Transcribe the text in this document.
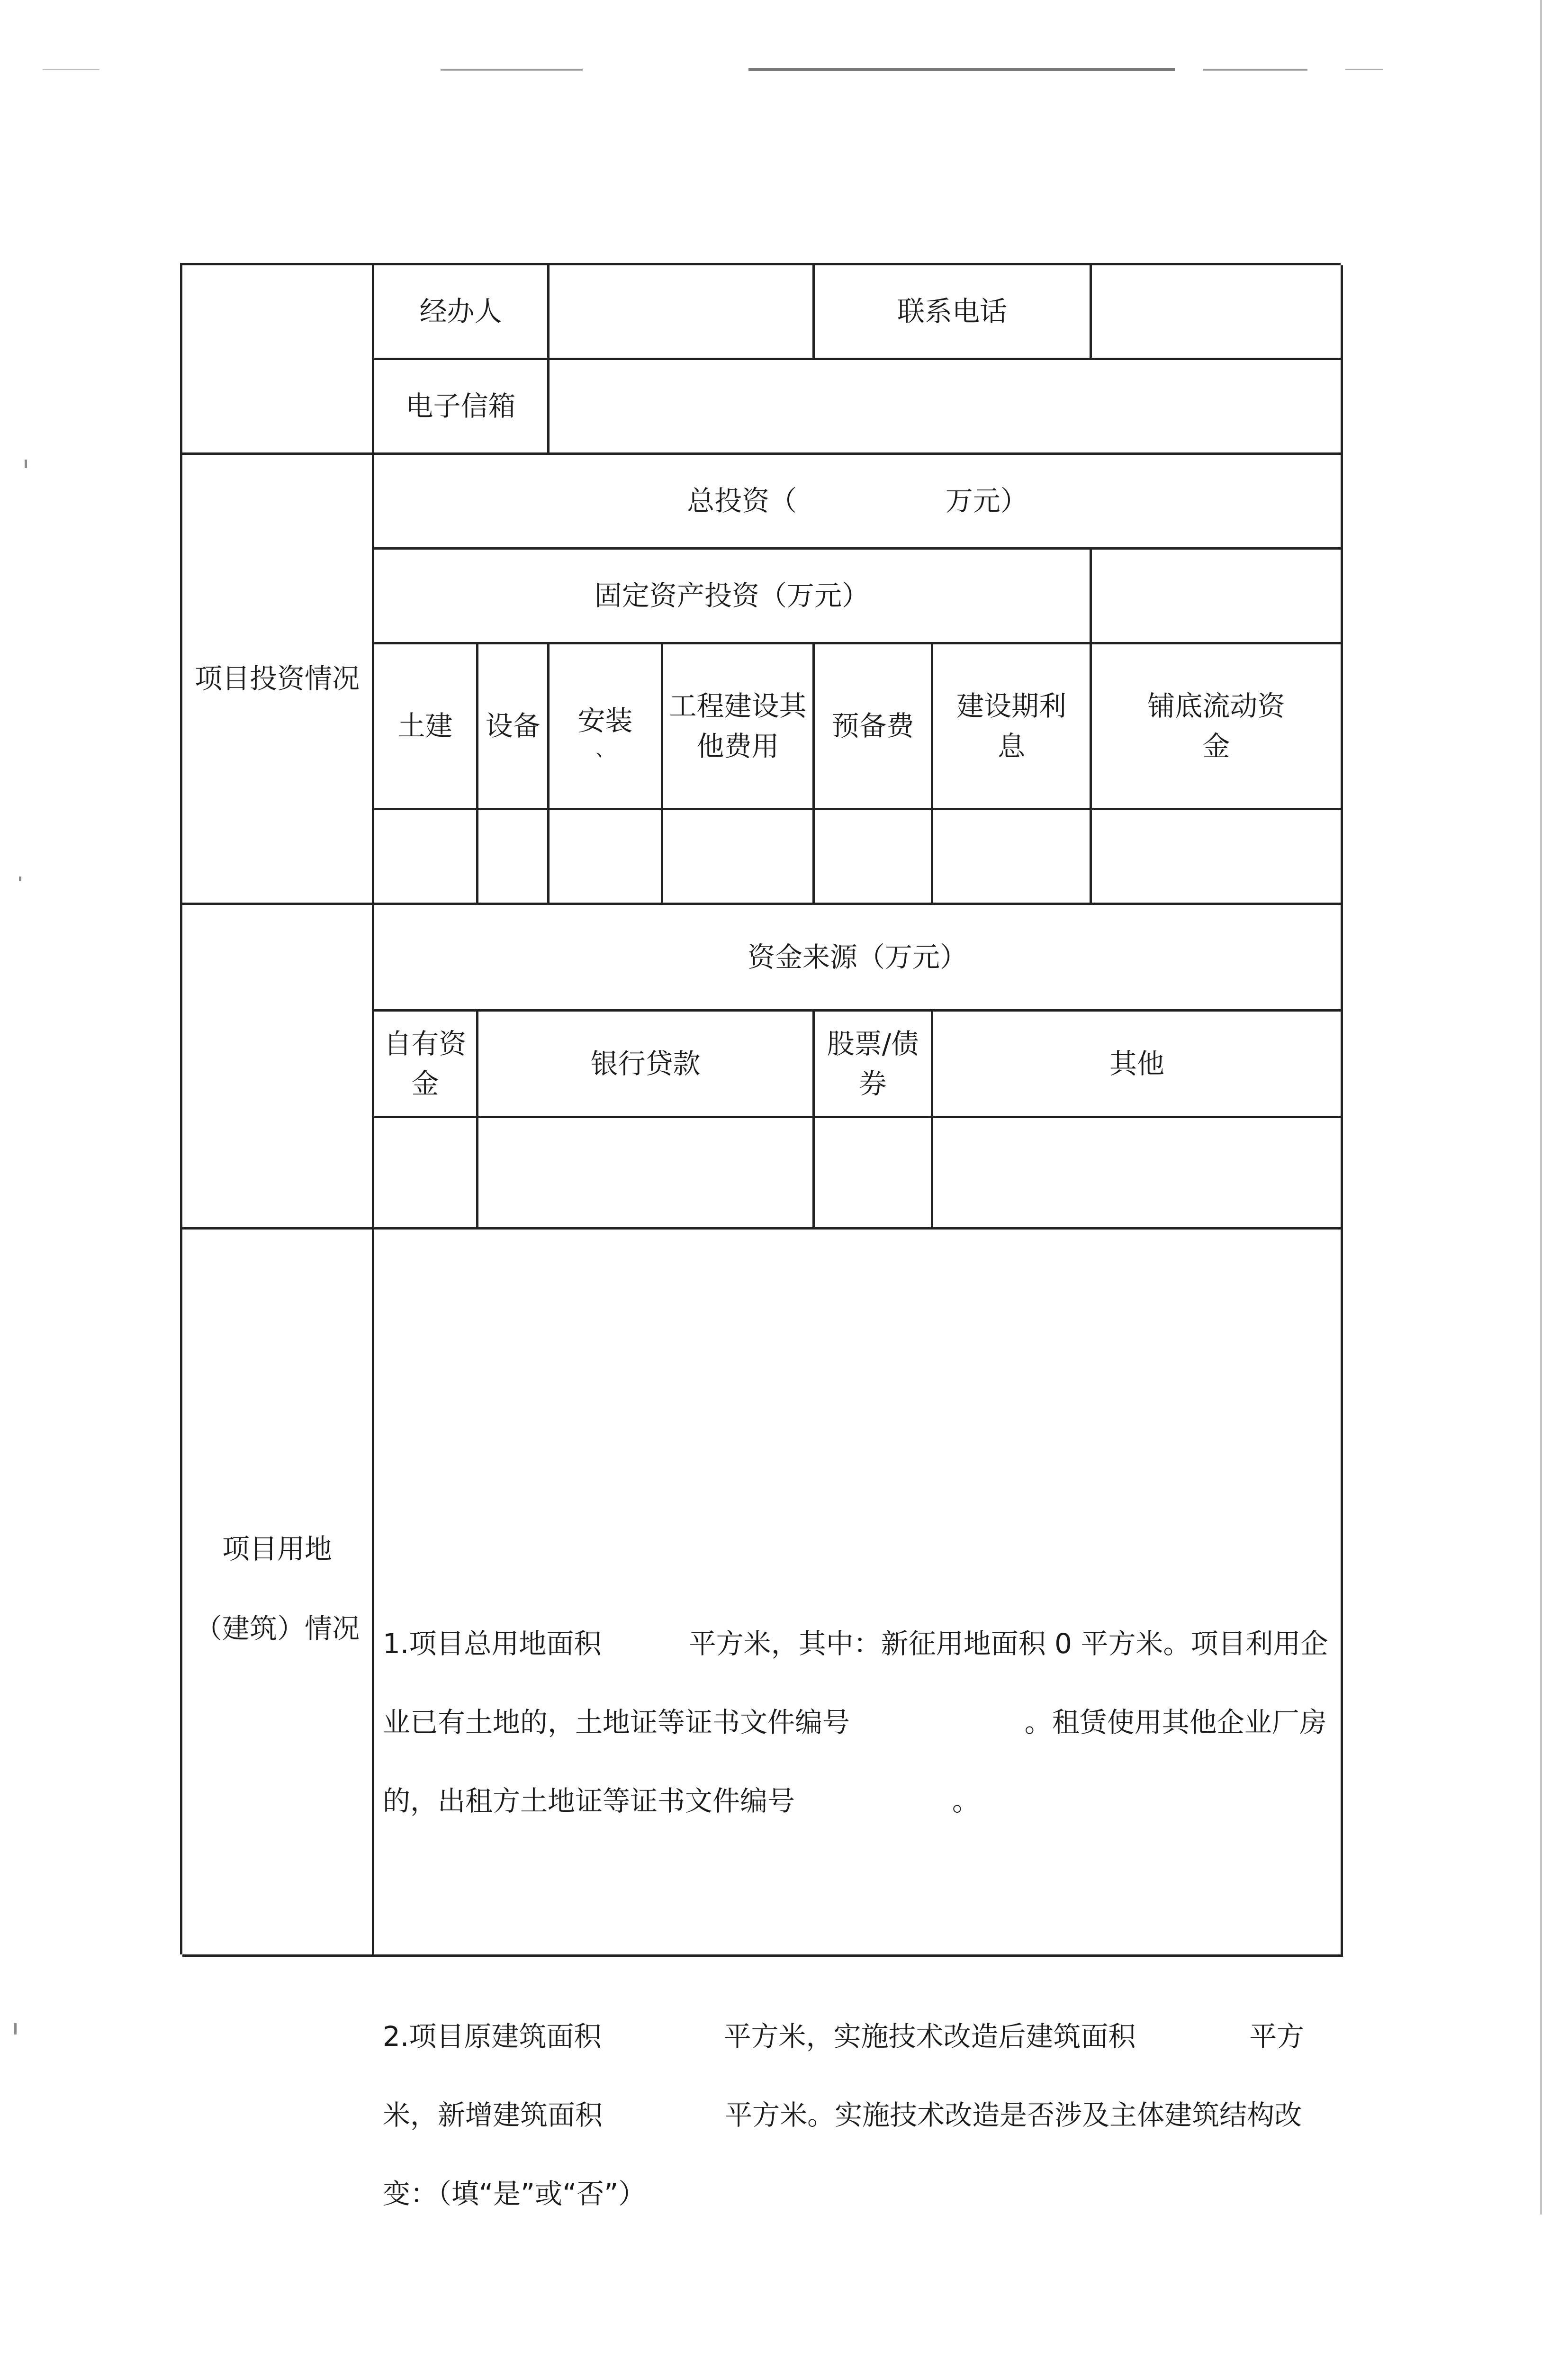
经办人	联系电话
电子信箱
项目投资情况
总投资（                 万元）
固定资产投资（万元）
土建 设备 安装
、
工程建设其
他费用
预备费
建设期利
息
铺底流动资
金
资金来源（万元）
自有资金
银行贷款
股票/债券
其他
项目用地
（建筑）情况

1.项目总用地面积          平方米，其中：新征用地面积 0 平方米。项目利用企业已有土地的，土地证等证书文件编号                    。租赁使用其他企业厂房的，出租方土地证等证书文件编号                  。

2.项目原建筑面积              平方米，实施技术改造后建筑面积             平方米，新增建筑面积              平方米。实施技术改造是否涉及主体建筑结构改变：（填“是”或“否”）
